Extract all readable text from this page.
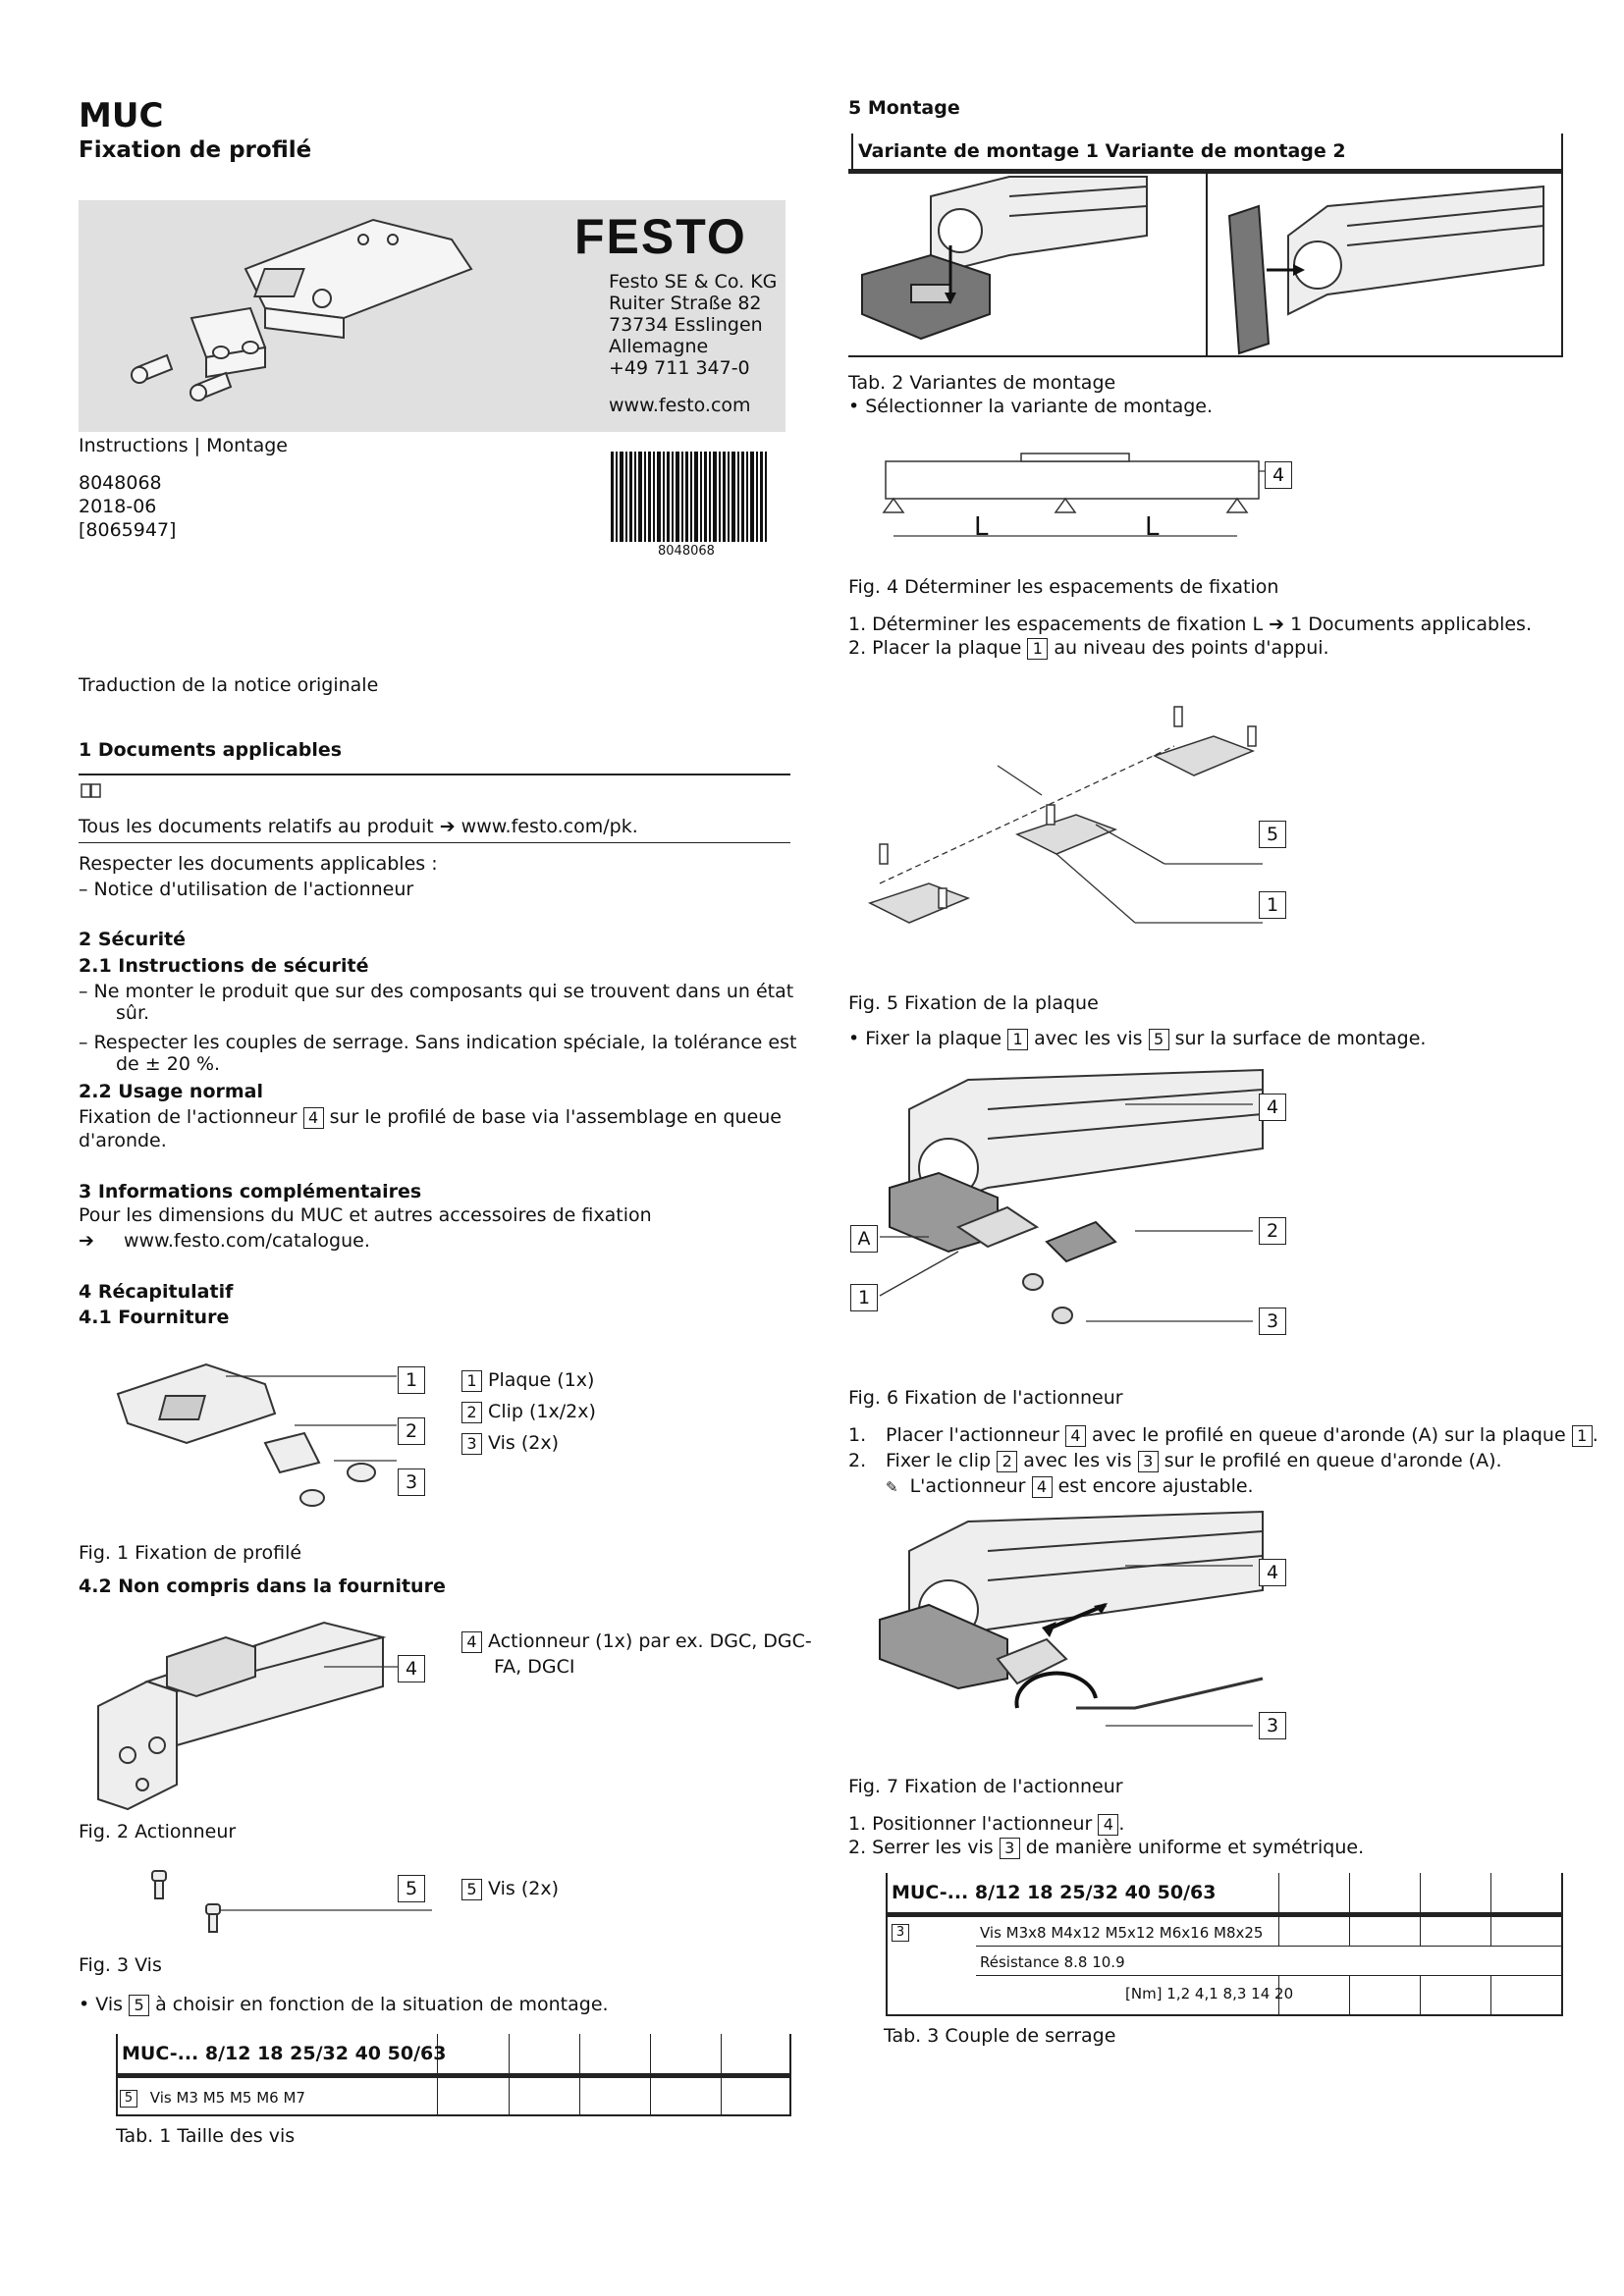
MUC
Fixation de profilé
FESTO
Festo SE & Co. KG
Ruiter Straße 82
73734 Esslingen
Allemagne
+49 711 347-0
www.festo.com
Instructions | Montage
8048068
2018-06
[8065947]
8048068
Traduction de la notice originale
1 Documents applicables
Tous les documents relatifs au produit ➔ www.festo.com/pk.
Respecter les documents applicables :
– Notice d'utilisation de l'actionneur
2 Sécurité
2.1 Instructions de sécurité
– Ne monter le produit que sur des composants qui se trouvent dans un état
sûr.
– Respecter les couples de serrage. Sans indication spéciale, la tolérance est
de ± 20 %.
2.2 Usage normal
Fixation de l'actionneur 4 sur le profilé de base via l'assemblage en queue
d'aronde.
3 Informations complémentaires
Pour les dimensions du MUC et autres accessoires de fixation
➔ www.festo.com/catalogue.
4 Récapitulatif
4.1 Fourniture
1
2
3
1 Plaque (1x)
2 Clip (1x/2x)
3 Vis (2x)
Fig. 1 Fixation de profilé
4.2 Non compris dans la fourniture
4
4 Actionneur (1x) par ex. DGC, DGC-
FA, DGCI
Fig. 2 Actionneur
5	5 Vis (2x)
Fig. 3 Vis
• Vis 5 à choisir en fonction de la situation de montage.
MUC-... 8/12 18 25/32 40 50/63
5 Vis M3 M5 M5 M6 M7
Tab. 1 Taille des vis
5 Montage
Variante de montage 1 Variante de montage 2
Tab. 2 Variantes de montage
• Sélectionner la variante de montage.
L	L
4
Fig. 4 Déterminer les espacements de fixation
1. Déterminer les espacements de fixation L ➔ 1 Documents applicables.
2. Placer la plaque 1 au niveau des points d'appui.
5
1
Fig. 5 Fixation de la plaque
• Fixer la plaque 1 avec les vis 5 sur la surface de montage.
4
A	2
1
3
Fig. 6 Fixation de l'actionneur
1. Placer l'actionneur 4 avec le profilé en queue d'aronde (A) sur la plaque 1 .
2. Fixer le clip 2 avec les vis 3 sur le profilé en queue d'aronde (A).
✎ L'actionneur 4 est encore ajustable.
4
3
Fig. 7 Fixation de l'actionneur
1. Positionner l'actionneur 4 .
2. Serrer les vis 3 de manière uniforme et symétrique.
MUC-... 8/12 18 25/32 40 50/63
3	Vis M3x8 M4x12 M5x12 M6x16 M8x25
Résistance 8.8 10.9
[Nm] 1,2 4,1 8,3 14 20
Tab. 3 Couple de serrage
